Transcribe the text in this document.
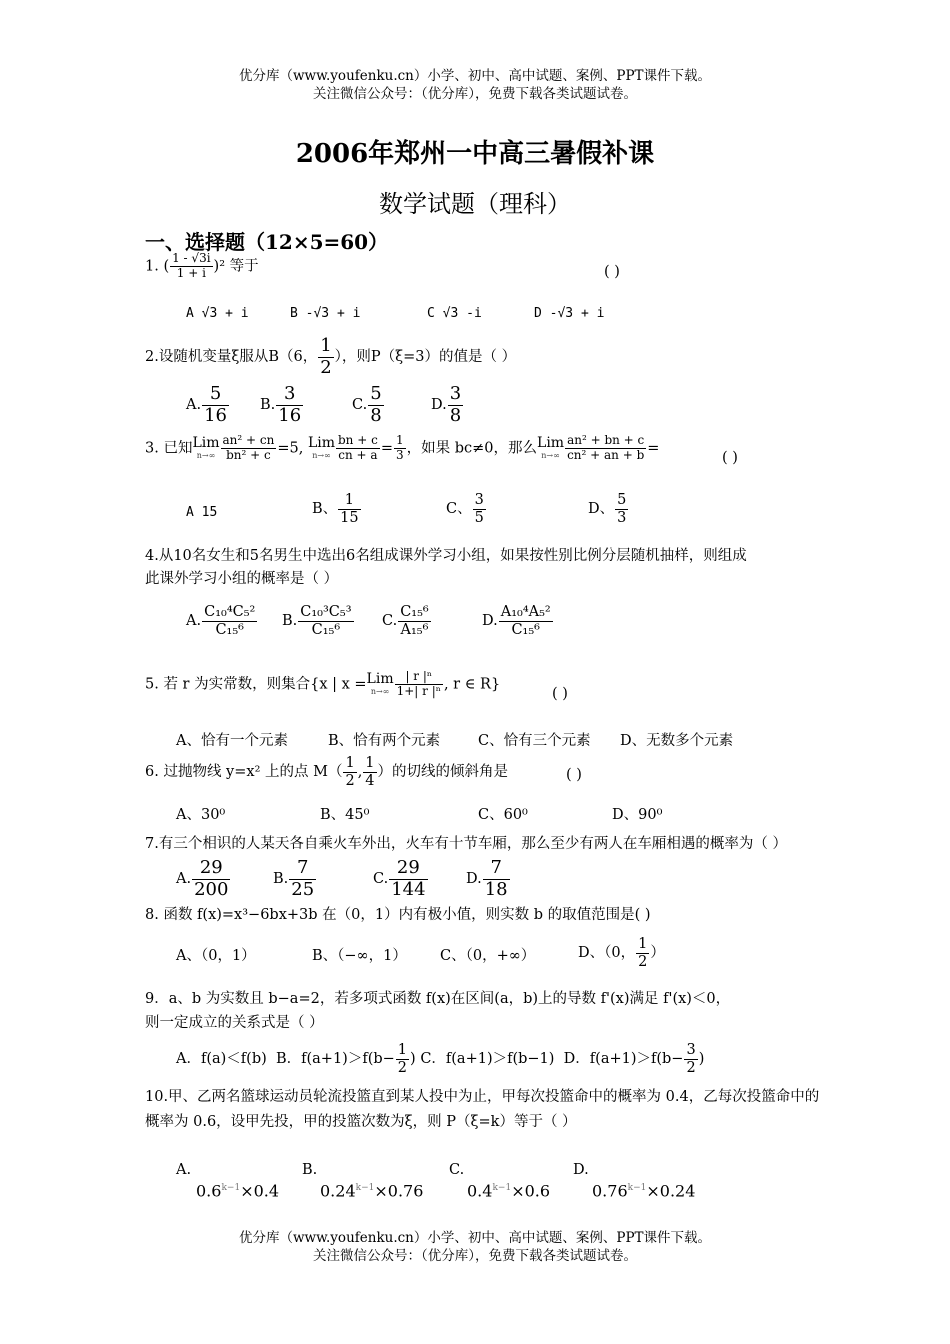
优分库（www.youfenku.cn）小学、初中、高中试题、案例、PPT课件下载。
关注微信公众号：（优分库），免费下载各类试题试卷。
2006年郑州一中高三暑假补课
数学试题（理科）
一、选择题（12×5=60）
1. ( $\frac{1 - √3i}{1 + i} )^2$ 等于	( )
A √3 + i	B -√3 + i	C √3 -i	D -√3 + i
2.设随机变量ξ服从B（6， $\frac{1}{2}$ ），则P（ξ=3）的值是（ ）
A. $\frac{5}{16} B$. $\frac{3}{16}$	C. $\frac{5}{8}$	D. $\frac{3}{8}$
3. 已知 Lim
$n\to\infty \frac{\text{an² + cn}}{\text{bn² + c}} =5$, Lim
$n\to\infty \frac{bn + c}{cn + a} = \frac{1}{3}$ ，如果 bc≠0，那么 Lim
$n\to\infty \frac{\text{an² + bn + c}}{\text{cn² + an + b}}$ =
( )
A 15	B、 $\frac{1}{15}$	C、 $\frac{3}{5}$	D、 $\frac{5}{3}$
4.从10名女生和5名男生中选出6名组成课外学习小组，如果按性别比例分层随机抽样，则组成
此课外学习小组的概率是（ ）
A. $\frac{\text{C₁₀⁴C₅²}}{\text{C₁₅⁶}} B$. $\frac{\text{C₁₀³C₅³}}{\text{C₁₅⁶}} C$. $\frac{\text{C₁₅⁶}}{\text{A₁₅⁶}}$	D. $\frac{\text{A₁₀⁴A₅²}}{\text{C₁₅⁶}}$
5. 若 r 为实常数，则集合{x | x = Lim
$n\to\infty \frac{\text{| r |ⁿ}}{\text{1+| r |ⁿ}}$ , r ∈ R}
( )
A、恰有一个元素	B、恰有两个元素	C、恰有三个元素 D、无数多个元素
6. 过抛物线 y=x² 上的点 $M( \frac{1}{2}$ , $\frac{1}{4}$ ）的切线的倾斜角是	( )
A、30⁰	B、45⁰	C、60⁰	D、90⁰
7.有三个相识的人某天各自乘火车外出，火车有十节车厢，那么至少有两人在车厢相遇的概率为（ ）
A. $\frac{29}{200}$	B. $\frac{7}{25}$	C. $\frac{29}{144}$	D. $\frac{7}{18}$
8. 函数 f(x)=x³−6bx+3b 在（0，1）内有极小值，则实数 b 的取值范围是( )
A、（0，1）	B、（−∞，1） C、（0，+∞）	D、（0， $\frac{1}{2}$ ）
9．a、b 为实数且 b−a=2，若多项式函数 f(x)在区间(a，b)上的导数 f'(x)满足 f'(x)＜0，
则一定成立的关系式是（ ）
A．f(a)＜f(b) B．$f(a+1)>f(b- \frac{1}{2}$ ) C．f(a+1)＞f(b−1) D．$f(a+1)>f(b- \frac{3}{2}$ )
10.甲、乙两名篮球运动员轮流投篮直到某人投中为止，甲每次投篮命中的概率为 0.4，乙每次投篮命中的
概率为 0.6，设甲先投，甲的投篮次数为ξ，则 P（ξ=k）等于（ ）
A.
$0.6^{k-1}\times 0.4$
B.
$0.24^{k-1}\times 0.76$
C.
$0.4^{k-1}\times 0.6$
D.
$0.76^{k-1}\times 0.24$
优分库（www.youfenku.cn）小学、初中、高中试题、案例、PPT课件下载。
关注微信公众号：（优分库），免费下载各类试题试卷。
